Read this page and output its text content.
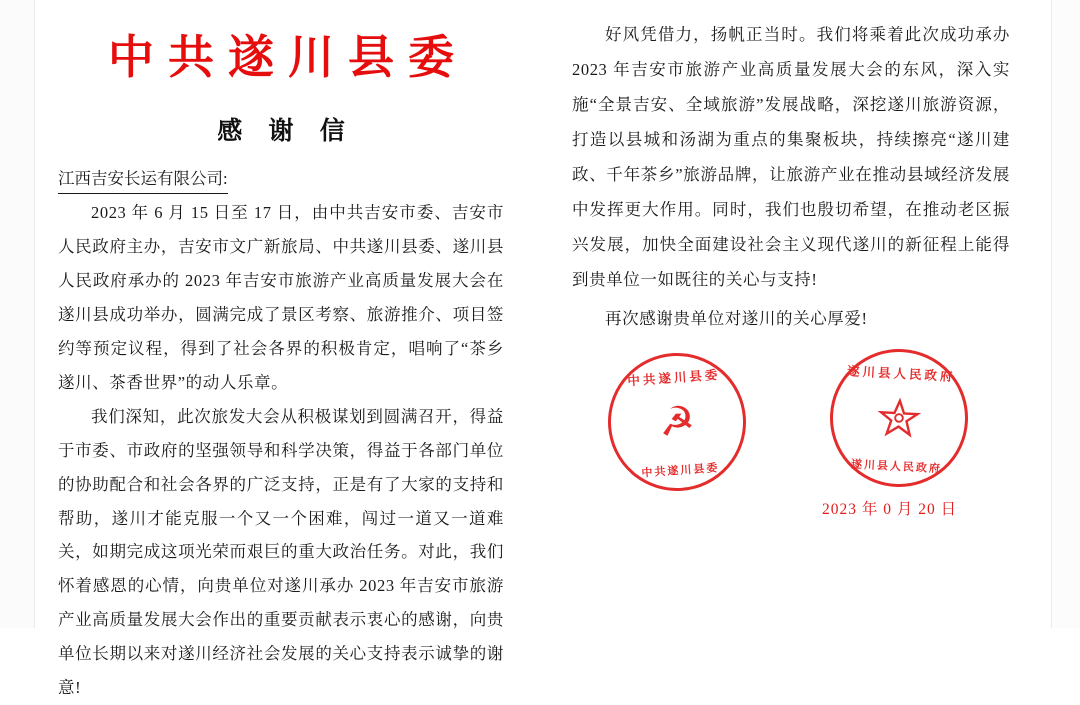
中共遂川县委
感 谢 信
江西吉安长运有限公司:

2023 年 6 月 15 日至 17 日，由中共吉安市委、吉安市人民政府主办，吉安市文广新旅局、中共遂川县委、遂川县人民政府承办的 2023 年吉安市旅游产业高质量发展大会在遂川县成功举办，圆满完成了景区考察、旅游推介、项目签约等预定议程，得到了社会各界的积极肯定，唱响了“茶乡遂川、茶香世界”的动人乐章。

我们深知，此次旅发大会从积极谋划到圆满召开，得益于市委、市政府的坚强领导和科学决策，得益于各部门单位的协助配合和社会各界的广泛支持，正是有了大家的支持和帮助，遂川才能克服一个又一个困难，闯过一道又一道难关，如期完成这项光荣而艰巨的重大政治任务。对此，我们怀着感恩的心情，向贵单位对遂川承办 2023 年吉安市旅游产业高质量发展大会作出的重要贡献表示衷心的感谢，向贵单位长期以来对遂川经济社会发展的关心支持表示诚挚的谢意!

好风凭借力，扬帆正当时。我们将乘着此次成功承办 2023 年吉安市旅游产业高质量发展大会的东风，深入实施“全景吉安、全域旅游”发展战略，深挖遂川旅游资源，打造以县城和汤湖为重点的集聚板块，持续擦亮“遂川建政、千年茶乡”旅游品牌，让旅游产业在推动县域经济发展中发挥更大作用。同时，我们也殷切希望，在推动老区振兴发展，加快全面建设社会主义现代遂川的新征程上能得到贵单位一如既往的关心与支持!

再次感谢贵单位对遂川的关心厚爱!
中共遂川县委
☭
中共遂川县委
遂川县人民政府
遂川县人民政府
2023 年 0 月 20 日
